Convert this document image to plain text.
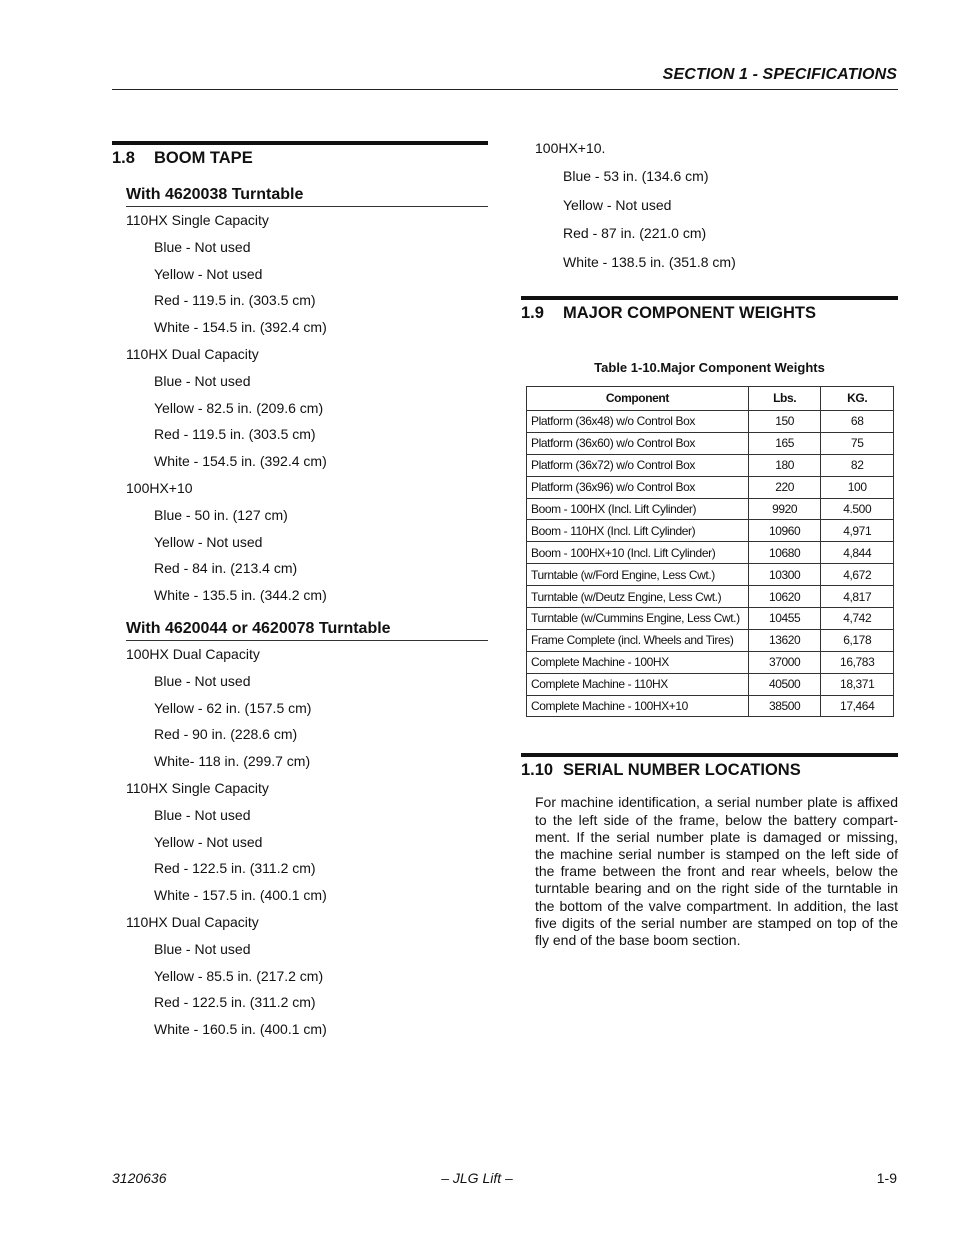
SECTION 1 - SPECIFICATIONS
1.8 BOOM TAPE
With 4620038 Turntable
110HX Single Capacity
Blue - Not used
Yellow - Not used
Red - 119.5 in. (303.5 cm)
White - 154.5 in. (392.4 cm)
110HX Dual Capacity
Blue - Not used
Yellow - 82.5 in. (209.6 cm)
Red - 119.5 in. (303.5 cm)
White - 154.5 in. (392.4 cm)
100HX+10
Blue - 50 in. (127 cm)
Yellow - Not used
Red - 84 in. (213.4 cm)
White - 135.5 in. (344.2 cm)
With 4620044 or 4620078 Turntable
100HX Dual Capacity
Blue - Not used
Yellow - 62 in. (157.5 cm)
Red - 90 in. (228.6 cm)
White- 118 in. (299.7 cm)
110HX Single Capacity
Blue - Not used
Yellow - Not used
Red - 122.5 in. (311.2 cm)
White - 157.5 in. (400.1 cm)
110HX Dual Capacity
Blue - Not used
Yellow - 85.5 in. (217.2 cm)
Red - 122.5 in. (311.2 cm)
White - 160.5 in. (400.1 cm)
100HX+10.
Blue - 53 in. (134.6 cm)
Yellow - Not used
Red - 87 in. (221.0 cm)
White - 138.5 in. (351.8 cm)
1.9 MAJOR COMPONENT WEIGHTS
Table 1-10.Major Component Weights
Component	Lbs.	KG.
Platform (36x48) w/o Control Box	150	68
Platform (36x60) w/o Control Box	165	75
Platform (36x72) w/o Control Box	180	82
Platform (36x96) w/o Control Box	220	100
Boom - 100HX (Incl. Lift Cylinder)	9920	4.500
Boom - 110HX (Incl. Lift Cylinder)	10960	4,971
Boom - 100HX+10 (Incl. Lift Cylinder)	10680	4,844
Turntable (w/Ford Engine, Less Cwt.)	10300	4,672
Turntable (w/Deutz Engine, Less Cwt.)	10620	4,817
Turntable (w/Cummins Engine, Less Cwt.)	10455	4,742
Frame Complete (incl. Wheels and Tires)	13620	6,178
Complete Machine - 100HX	37000	16,783
Complete Machine - 110HX	40500	18,371
Complete Machine - 100HX+10	38500	17,464
1.10 SERIAL NUMBER LOCATIONS

For machine identification, a serial number plate is affixed to the left side of the frame, below the battery compartment. If the serial number plate is damaged or missing, the machine serial number is stamped on the left side of the frame between the front and rear wheels, below the turntable bearing and on the right side of the turntable in the bottom of the valve compartment. In addition, the last five digits of the serial number are stamped on top of the fly end of the base boom section.

3120636	– JLG Lift –	1-9
